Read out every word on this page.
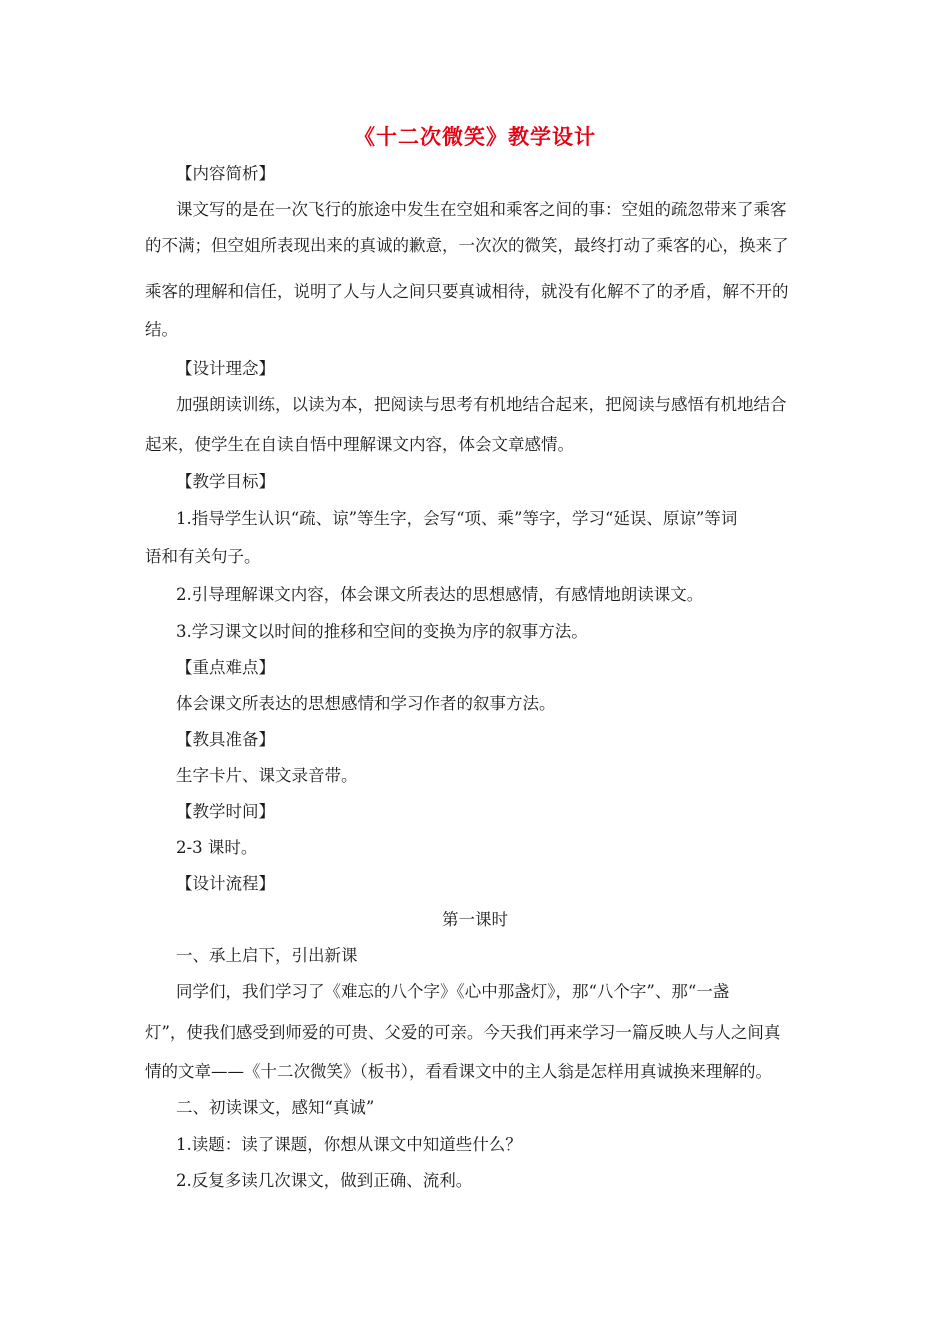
《十二次微笑》教学设计
【内容简析】
课文写的是在一次飞行的旅途中发生在空姐和乘客之间的事：空姐的疏忽带来了乘客
的不满；但空姐所表现出来的真诚的歉意，一次次的微笑，最终打动了乘客的心，换来了
乘客的理解和信任，说明了人与人之间只要真诚相待，就没有化解不了的矛盾，解不开的
结。
【设计理念】
加强朗读训练，以读为本，把阅读与思考有机地结合起来，把阅读与感悟有机地结合
起来，使学生在自读自悟中理解课文内容，体会文章感情。
【教学目标】
1.指导学生认识“疏、谅”等生字，会写“项、乘”等字，学习“延误、原谅”等词
语和有关句子。
2.引导理解课文内容，体会课文所表达的思想感情，有感情地朗读课文。
3.学习课文以时间的推移和空间的变换为序的叙事方法。
【重点难点】
体会课文所表达的思想感情和学习作者的叙事方法。
【教具准备】
生字卡片、课文录音带。
【教学时间】
2-3 课时。
【设计流程】
第一课时
一、承上启下，引出新课
同学们，我们学习了《难忘的八个字》《心中那盏灯》，那“八个字”、那“一盏
灯”，使我们感受到师爱的可贵、父爱的可亲。今天我们再来学习一篇反映人与人之间真
情的文章——《十二次微笑》（板书），看看课文中的主人翁是怎样用真诚换来理解的。
二、初读课文，感知“真诚”
1.读题：读了课题，你想从课文中知道些什么？
2.反复多读几次课文，做到正确、流利。
